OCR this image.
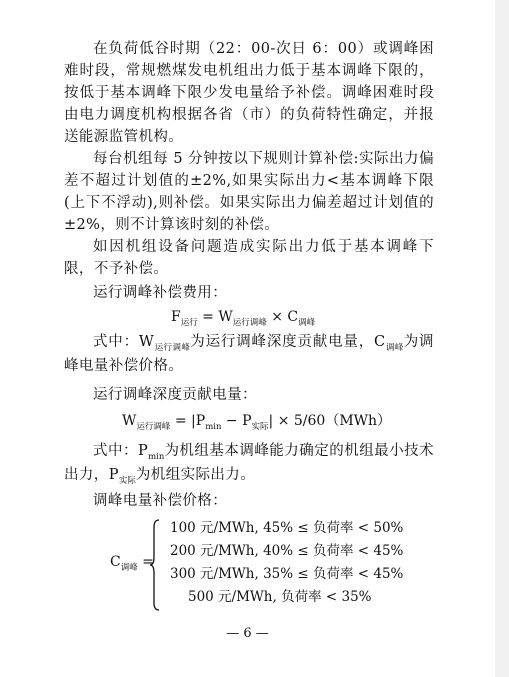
在负荷低谷时期（22：00-次日 6：00）或调峰困难时段，常规燃煤发电机组出力低于基本调峰下限的，按低于基本调峰下限少发电量给予补偿。调峰困难时段由电力调度机构根据各省（市）的负荷特性确定，并报送能源监管机构。

每台机组每 5 分钟按以下规则计算补偿:实际出力偏差不超过计划值的±2%,如果实际出力<基本调峰下限(上下不浮动),则补偿。如果实际出力偏差超过计划值的±2%，则不计算该时刻的补偿。

如因机组设备问题造成实际出力低于基本调峰下限，不予补偿。

运行调峰补偿费用：

$F_{运行} = W_{运行调峰} \times C_{调峰}$

式中：$W_{运行调峰}$为运行调峰深度贡献电量，$C_{调峰}$为调峰电量补偿价格。

运行调峰深度贡献电量：

$W_{运行调峰} = |P_{min} - P_{实际}| \times 5/60(MWh)$

式中：$P_{min}$为机组基本调峰能力确定的机组最小技术出力，$P_{实际}$为机组实际出力。

调峰电量补偿价格：

$C_{调峰}$ =
100 元/MWh, 45% ≤ 负荷率 < 50%
200 元/MWh, 40% ≤ 负荷率 < 45%
300 元/MWh, 35% ≤ 负荷率 < 45%
500 元/MWh, 负荷率 < 35%
— 6 —
